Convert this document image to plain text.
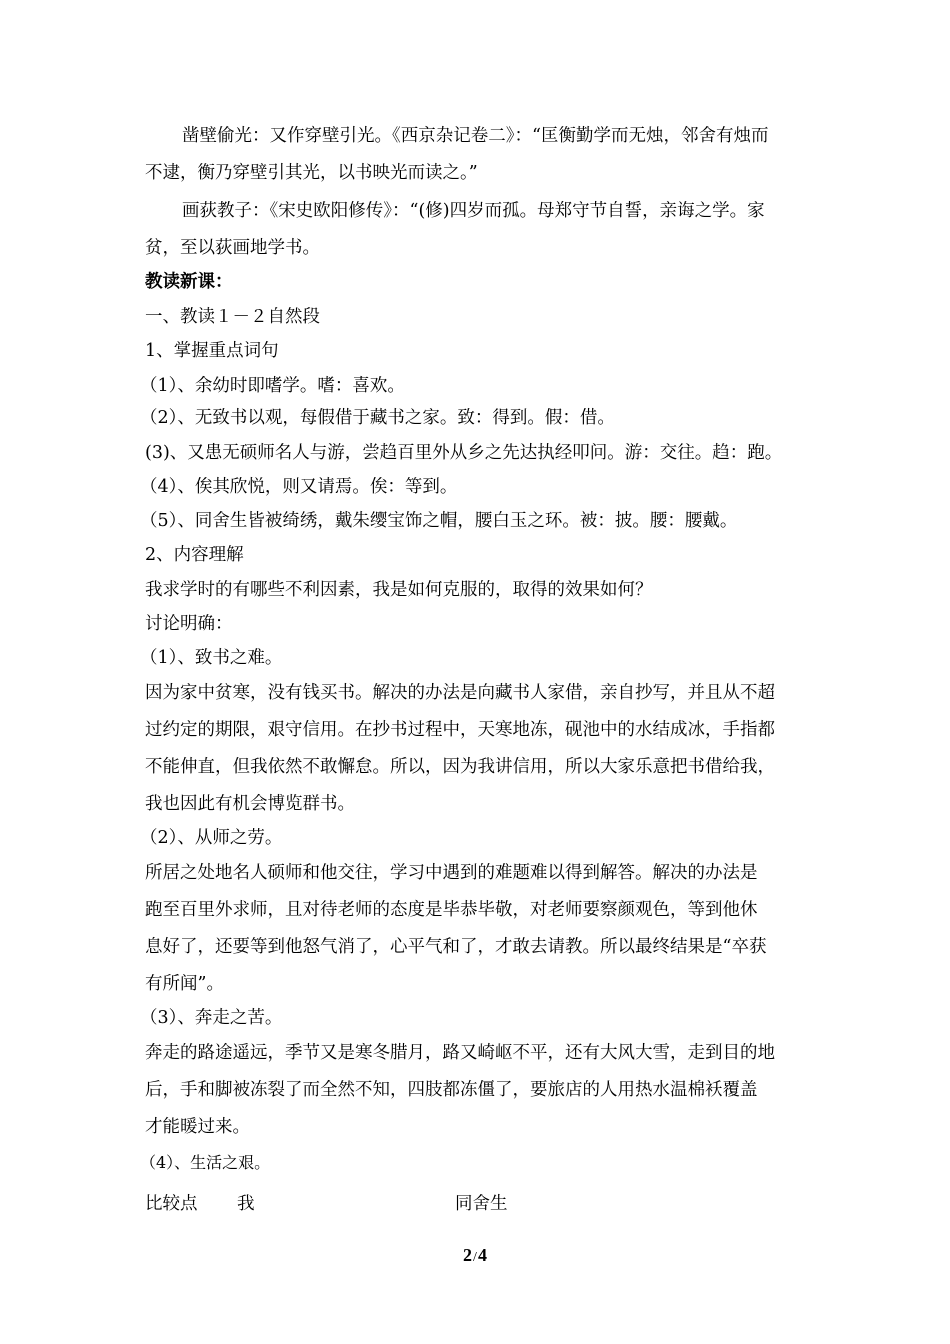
凿壁偷光：又作穿壁引光。《西京杂记卷二》：“匡衡勤学而无烛，邻舍有烛而
不逮，衡乃穿壁引其光，以书映光而读之。”
画荻教子：《宋史欧阳修传》：“(修)四岁而孤。母郑守节自誓，亲诲之学。家
贫，至以荻画地学书。
教读新课：
一、教读１－２自然段
1、掌握重点词句
（1）、余幼时即嗜学。嗜：喜欢。
（2）、无致书以观，每假借于藏书之家。致：得到。假：借。
(3)、又患无硕师名人与游，尝趋百里外从乡之先达执经叩问。游：交往。趋：跑。
（4）、俟其欣悦，则又请焉。俟：等到。
（5）、同舍生皆被绮绣，戴朱缨宝饰之帽，腰白玉之环。被：披。腰：腰戴。
2、内容理解
我求学时的有哪些不利因素，我是如何克服的，取得的效果如何？
讨论明确：
（1）、致书之难。
因为家中贫寒，没有钱买书。解决的办法是向藏书人家借，亲自抄写，并且从不超
过约定的期限，艰守信用。在抄书过程中，天寒地冻，砚池中的水结成冰，手指都
不能伸直，但我依然不敢懈怠。所以，因为我讲信用，所以大家乐意把书借给我，
我也因此有机会博览群书。
（2）、从师之劳。
所居之处地名人硕师和他交往，学习中遇到的难题难以得到解答。解决的办法是
跑至百里外求师，且对待老师的态度是毕恭毕敬，对老师要察颜观色，等到他休
息好了，还要等到他怒气消了，心平气和了，才敢去请教。所以最终结果是“卒获
有所闻”。
（3）、奔走之苦。
奔走的路途遥远，季节又是寒冬腊月，路又崎岖不平，还有大风大雪，走到目的地
后，手和脚被冻裂了而全然不知，四肢都冻僵了，要旅店的人用热水温棉袄覆盖
才能暖过来。
（4）、生活之艰。
比较点 我	同舍生
2/4
